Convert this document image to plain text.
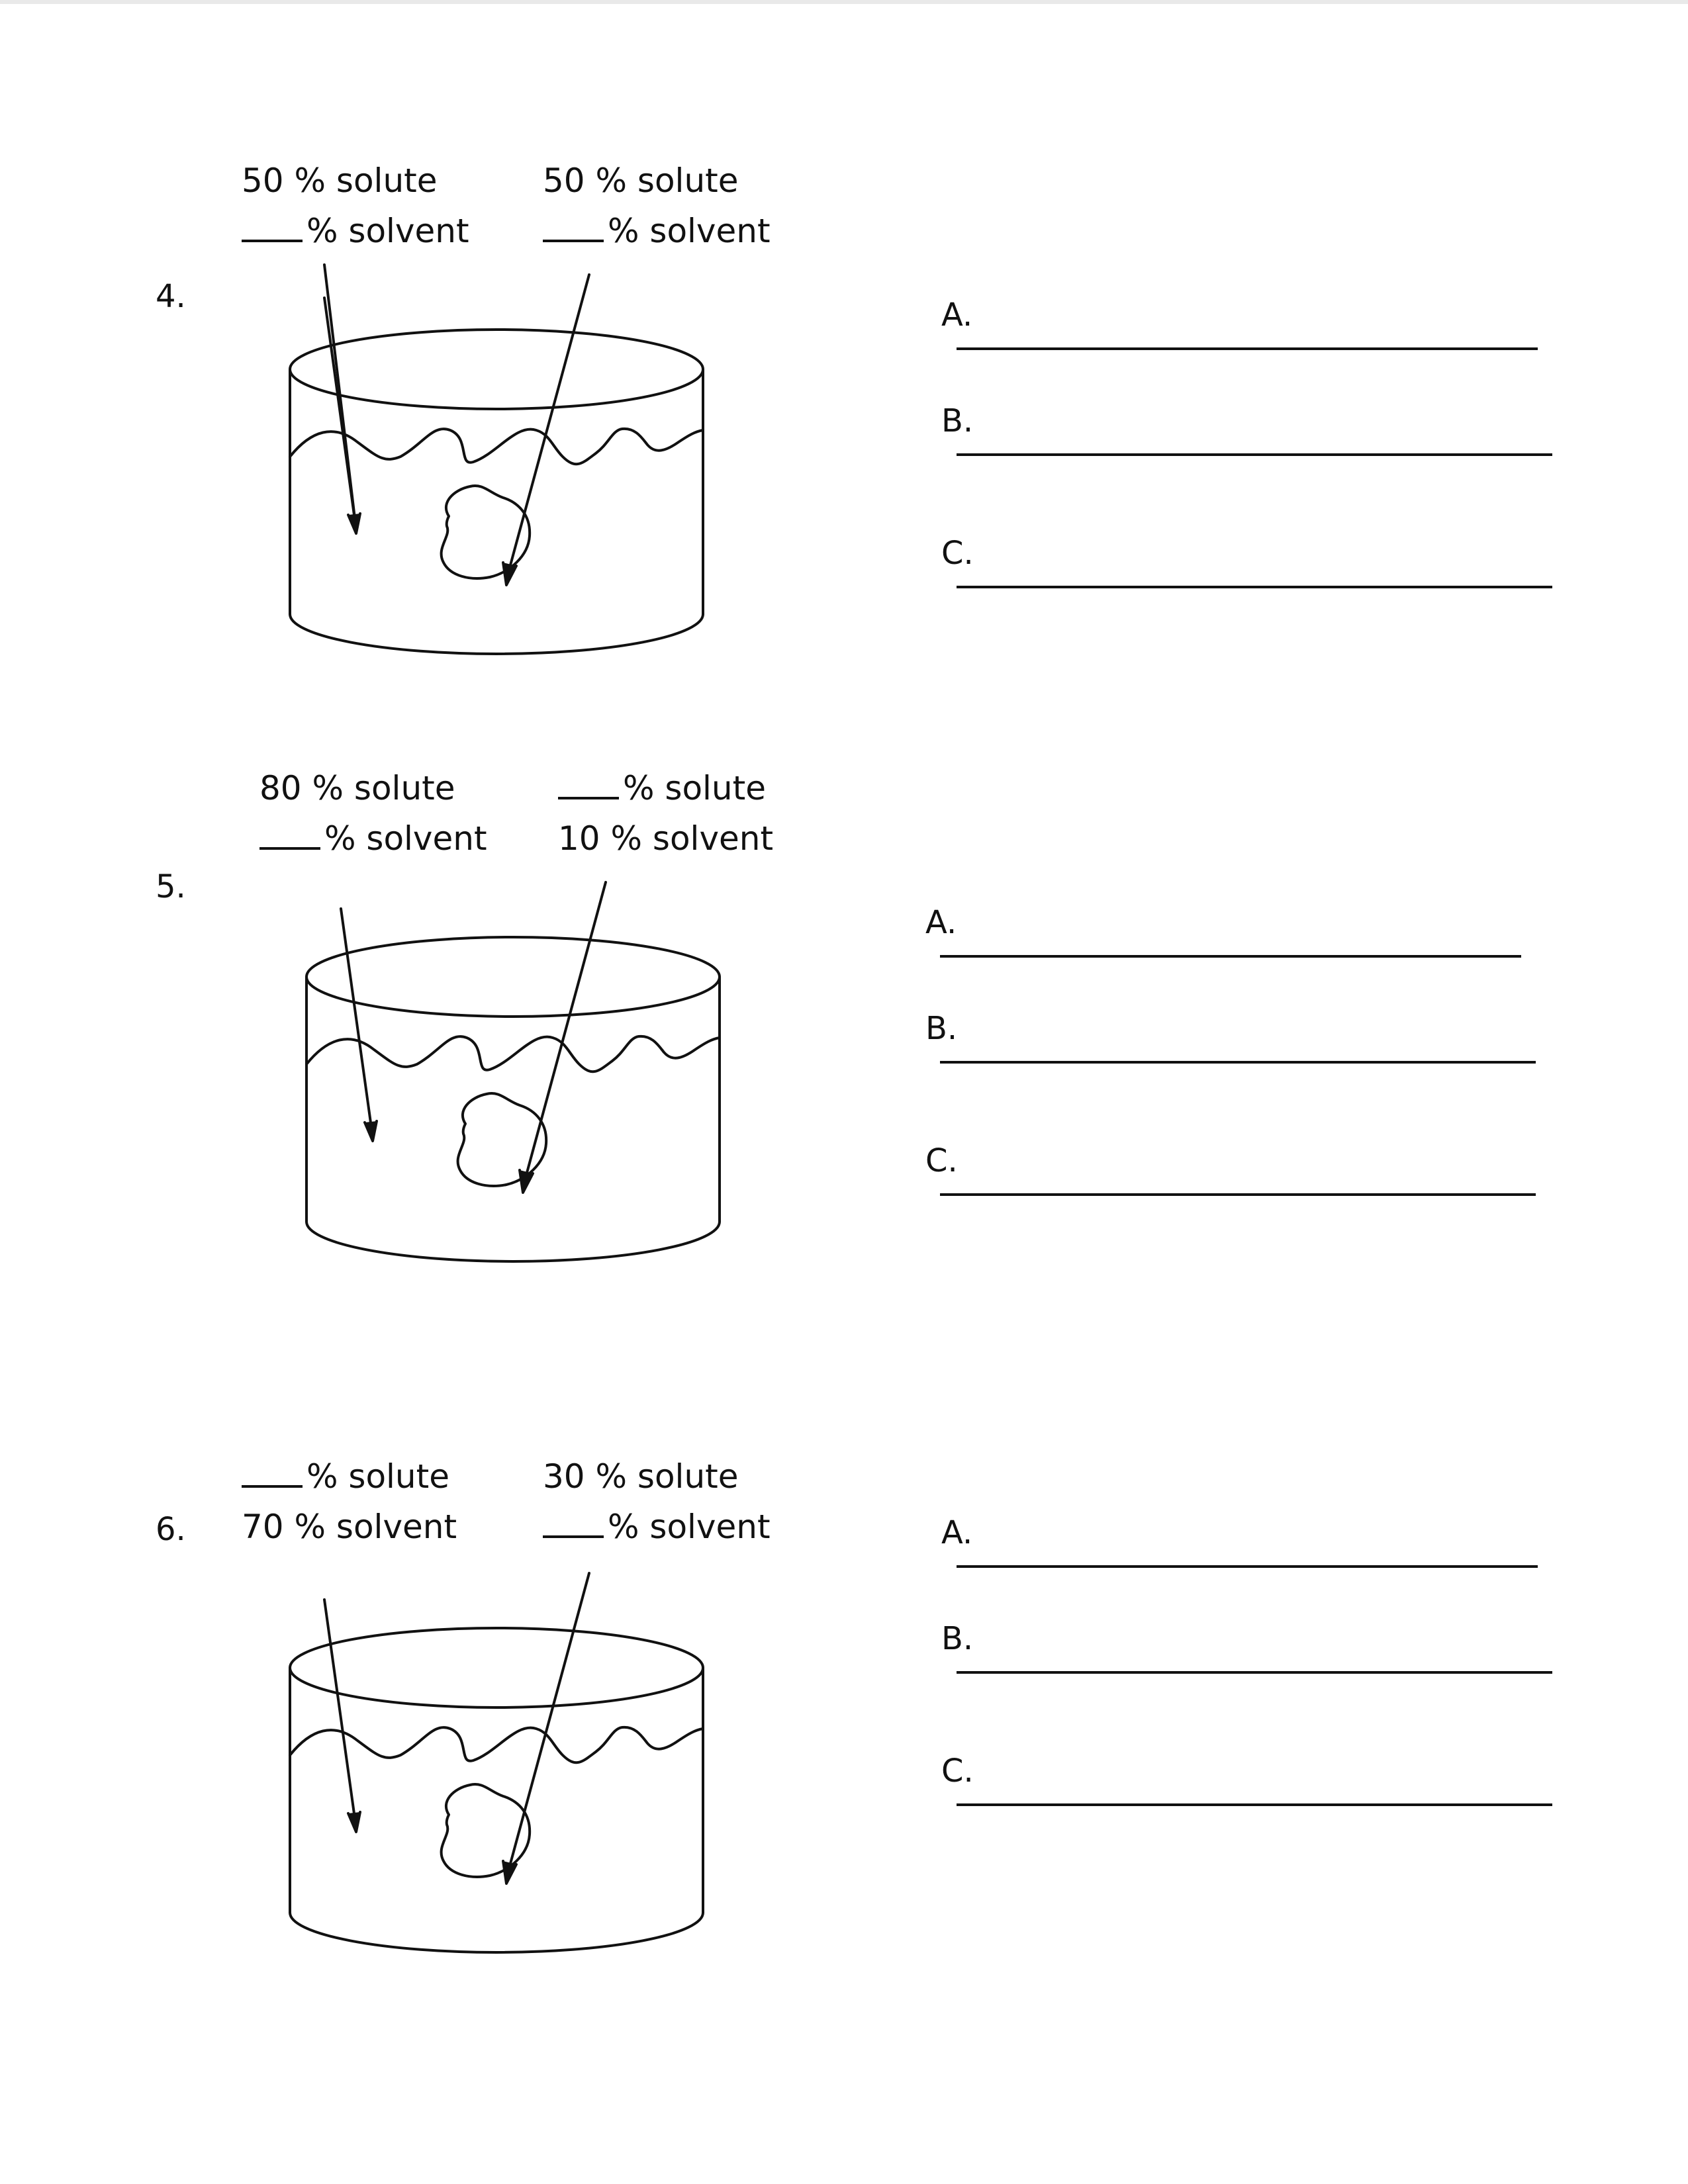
4.
50 % solute
% solvent
50 % solute
% solvent
A.
B.
C.
5.
80 % solute
% solvent
% solute
10 % solvent
A.
B.
C.
6.
% solute
70 % solvent
30 % solute
% solvent	A.
B.
C.
